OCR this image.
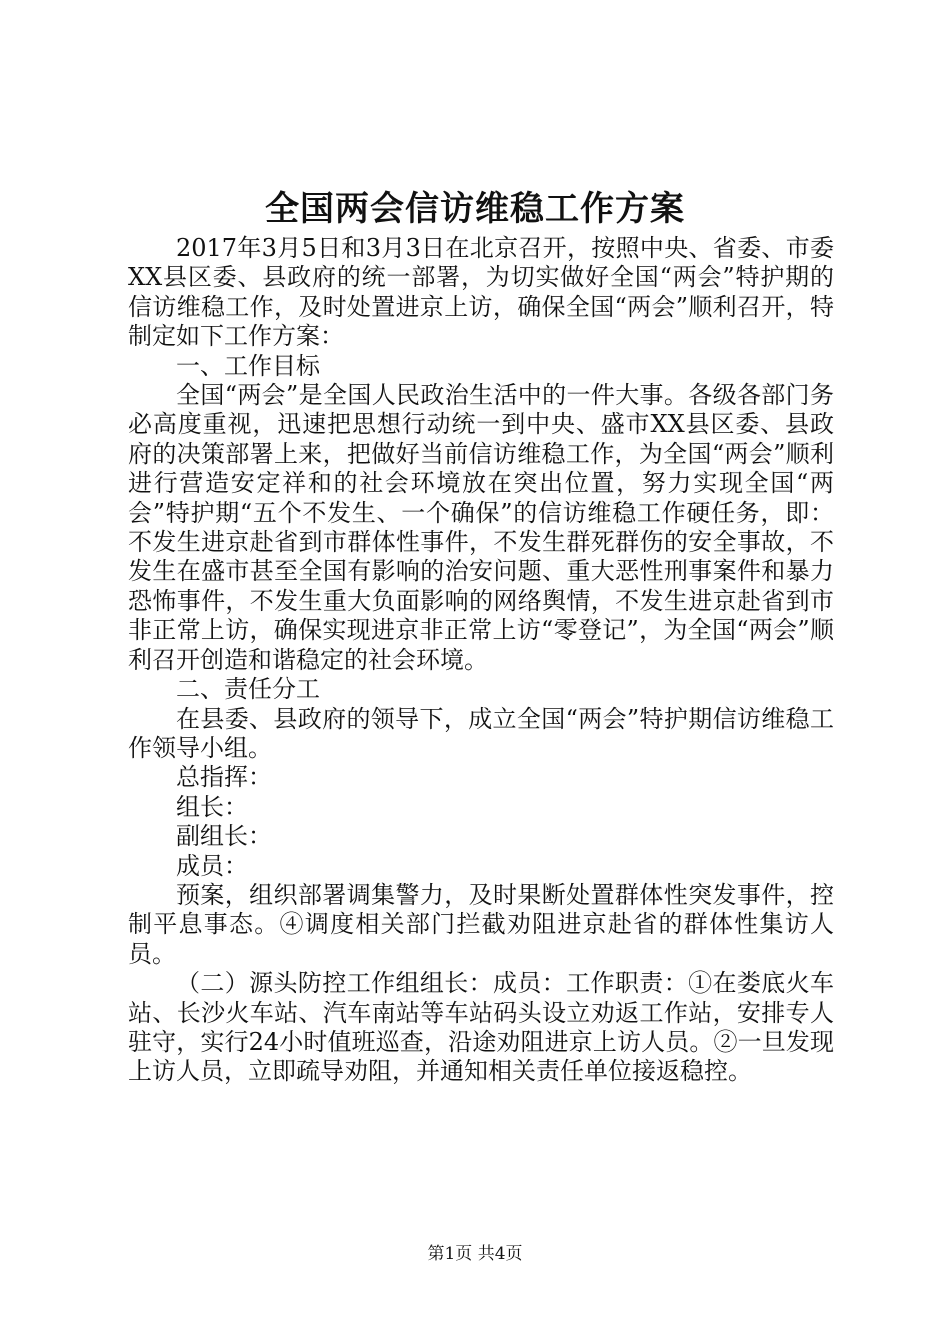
全国两会信访维稳工作方案

2017年3月5日和3月3日在北京召开，按照中央、省委、市委XX县区委、县政府的统一部署，为切实做好全国“两会”特护期的信访维稳工作，及时处置进京上访，确保全国“两会”顺利召开，特制定如下工作方案：

一、工作目标

全国“两会”是全国人民政治生活中的一件大事。各级各部门务必高度重视，迅速把思想行动统一到中央、盛市XX县区委、县政府的决策部署上来，把做好当前信访维稳工作，为全国“两会”顺利进行营造安定祥和的社会环境放在突出位置，努力实现全国“两会”特护期“五个不发生、一个确保”的信访维稳工作硬任务，即：不发生进京赴省到市群体性事件，不发生群死群伤的安全事故，不发生在盛市甚至全国有影响的治安问题、重大恶性刑事案件和暴力恐怖事件，不发生重大负面影响的网络舆情，不发生进京赴省到市非正常上访，确保实现进京非正常上访“零登记”，为全国“两会”顺利召开创造和谐稳定的社会环境。

二、责任分工

在县委、县政府的领导下，成立全国“两会”特护期信访维稳工作领导小组。

总指挥：

组长：

副组长：

成员：

预案，组织部署调集警力，及时果断处置群体性突发事件，控制平息事态。④调度相关部门拦截劝阻进京赴省的群体性集访人员。

（二）源头防控工作组组长：成员：工作职责：①在娄底火车站、长沙火车站、汽车南站等车站码头设立劝返工作站，安排专人驻守，实行24小时值班巡查，沿途劝阻进京上访人员。②一旦发现上访人员，立即疏导劝阻，并通知相关责任单位接返稳控。

第1页 共4页
